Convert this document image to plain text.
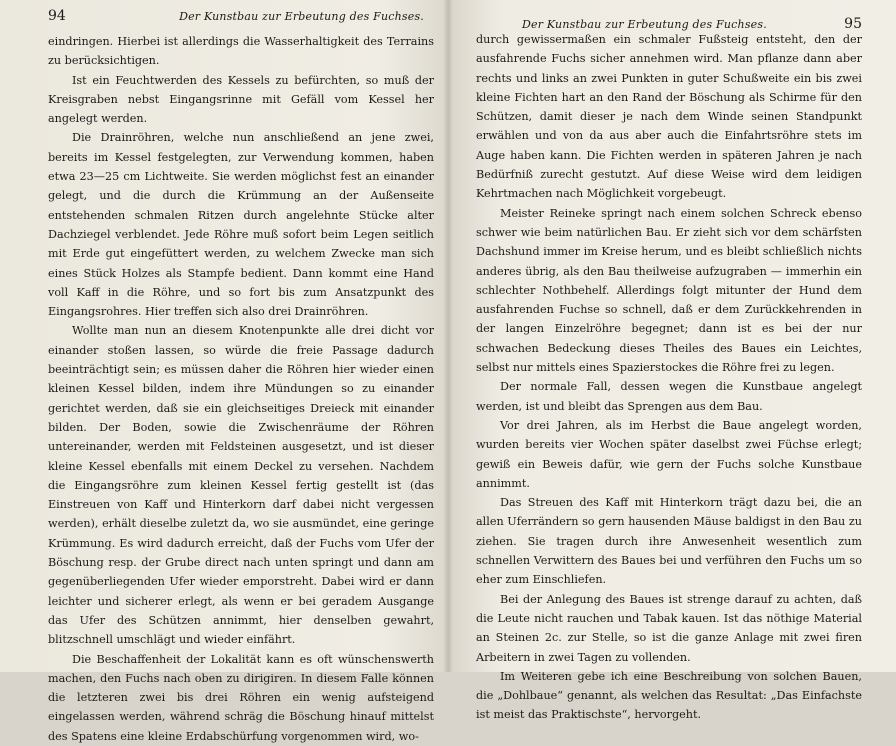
94	Der Kunstbau zur Erbeutung des Fuchses.

eindringen. Hierbei ist allerdings die Wasserhaltigkeit des Terrains zu berücksichtigen.

Ist ein Feuchtwerden des Kessels zu befürchten, so muß der Kreisgraben nebst Eingangsrinne mit Gefäll vom Kessel her angelegt werden.

Die Drainröhren, welche nun anschließend an jene zwei, bereits im Kessel festgelegten, zur Verwendung kommen, haben etwa 23—25 cm Lichtweite. Sie werden möglichst fest an einander gelegt, und die durch die Krümmung an der Außenseite entstehenden schmalen Ritzen durch angelehnte Stücke alter Dachziegel verblendet. Jede Röhre muß sofort beim Legen seitlich mit Erde gut eingefüttert werden, zu welchem Zwecke man sich eines Stück Holzes als Stampfe bedient. Dann kommt eine Hand voll Kaff in die Röhre, und so fort bis zum Ansatzpunkt des Eingangsrohres. Hier treffen sich also drei Drainröhren.

Wollte man nun an diesem Knotenpunkte alle drei dicht vor einander stoßen lassen, so würde die freie Passage dadurch beeinträchtigt sein; es müssen daher die Röhren hier wieder einen kleinen Kessel bilden, indem ihre Mündungen so zu einander gerichtet werden, daß sie ein gleichseitiges Dreieck mit einander bilden. Der Boden, sowie die Zwischenräume der Röhren untereinander, werden mit Feldsteinen ausgesetzt, und ist dieser kleine Kessel ebenfalls mit einem Deckel zu versehen. Nachdem die Eingangsröhre zum kleinen Kessel fertig gestellt ist (das Einstreuen von Kaff und Hinterkorn darf dabei nicht vergessen werden), erhält dieselbe zuletzt da, wo sie ausmündet, eine geringe Krümmung. Es wird dadurch erreicht, daß der Fuchs vom Ufer der Böschung resp. der Grube direct nach unten springt und dann am gegenüberliegenden Ufer wieder emporstreht. Dabei wird er dann leichter und sicherer erlegt, als wenn er bei geradem Ausgange das Ufer des Schützen annimmt, hier denselben gewahrt, blitzschnell umschlägt und wieder einfährt.

Die Beschaffenheit der Lokalität kann es oft wünschenswerth machen, den Fuchs nach oben zu dirigiren. In diesem Falle können die letzteren zwei bis drei Röhren ein wenig aufsteigend eingelassen werden, während schräg die Böschung hinauf mittelst des Spatens eine kleine Erdabschürfung vorgenommen wird, wo-

Der Kunstbau zur Erbeutung des Fuchses.	95

durch gewissermaßen ein schmaler Fußsteig entsteht, den der ausfahrende Fuchs sicher annehmen wird. Man pflanze dann aber rechts und links an zwei Punkten in guter Schußweite ein bis zwei kleine Fichten hart an den Rand der Böschung als Schirme für den Schützen, damit dieser je nach dem Winde seinen Standpunkt erwählen und von da aus aber auch die Einfahrtsröhre stets im Auge haben kann. Die Fichten werden in späteren Jahren je nach Bedürfniß zurecht gestutzt. Auf diese Weise wird dem leidigen Kehrtmachen nach Möglichkeit vorgebeugt.

Meister Reineke springt nach einem solchen Schreck ebenso schwer wie beim natürlichen Bau. Er zieht sich vor dem schärfsten Dachshund immer im Kreise herum, und es bleibt schließlich nichts anderes übrig, als den Bau theilweise aufzugraben — immerhin ein schlechter Nothbehelf. Allerdings folgt mitunter der Hund dem ausfahrenden Fuchse so schnell, daß er dem Zurückkehrenden in der langen Einzelröhre begegnet; dann ist es bei der nur schwachen Bedeckung dieses Theiles des Baues ein Leichtes, selbst nur mittels eines Spazierstockes die Röhre frei zu legen.

Der normale Fall, dessen wegen die Kunstbaue angelegt werden, ist und bleibt das Sprengen aus dem Bau.

Vor drei Jahren, als im Herbst die Baue angelegt worden, wurden bereits vier Wochen später daselbst zwei Füchse erlegt; gewiß ein Beweis dafür, wie gern der Fuchs solche Kunstbaue annimmt.

Das Streuen des Kaff mit Hinterkorn trägt dazu bei, die an allen Uferrändern so gern hausenden Mäuse baldigst in den Bau zu ziehen. Sie tragen durch ihre Anwesenheit wesentlich zum schnellen Verwittern des Baues bei und verführen den Fuchs um so eher zum Einschliefen.

Bei der Anlegung des Baues ist strenge darauf zu achten, daß die Leute nicht rauchen und Tabak kauen. Ist das nöthige Material an Steinen 2c. zur Stelle, so ist die ganze Anlage mit zwei firen Arbeitern in zwei Tagen zu vollenden.

Im Weiteren gebe ich eine Beschreibung von solchen Bauen, die „Dohlbaue“ genannt, als welchen das Resultat: „Das Einfachste ist meist das Praktischste“, hervorgeht.
